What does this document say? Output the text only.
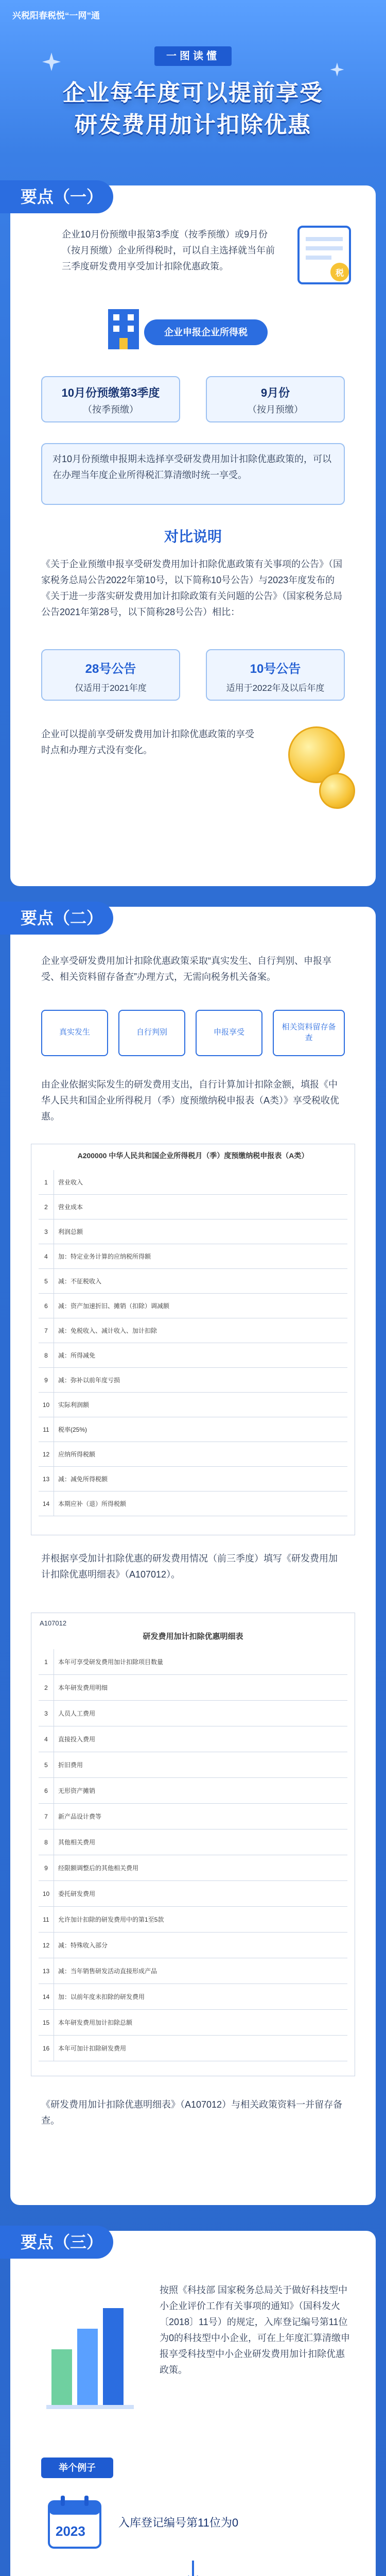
兴税阳春税悦“一网”通
一图读懂
企业每年度可以提前享受
研发费用加计扣除优惠
要点（一）
企业10月份预缴申报第3季度（按季预缴）或9月份（按月预缴）企业所得税时，可以自主选择就当年前三季度研发费用享受加计扣除优惠政策。
税
企业申报企业所得税
10月份预缴第3季度
（按季预缴）
9月份
（按月预缴）
对10月份预缴申报期未选择享受研发费用加计扣除优惠政策的，可以在办理当年度企业所得税汇算清缴时统一享受。
对比说明
《关于企业预缴申报享受研发费用加计扣除优惠政策有关事项的公告》（国家税务总局公告2022年第10号，以下简称10号公告）与2023年度发布的《关于进一步落实研发费用加计扣除政策有关问题的公告》（国家税务总局公告2021年第28号，以下简称28号公告）相比：
28号公告
仅适用于2021年度
10号公告
适用于2022年及以后年度
企业可以提前享受研发费用加计扣除优惠政策的享受时点和办理方式没有变化。
要点（二）
企业享受研发费用加计扣除优惠政策采取“真实发生、自行判别、申报享受、相关资料留存备查”办理方式，无需向税务机关备案。
真实发生	自行判别	申报享受
相关资料留存备查
由企业依据实际发生的研发费用支出，自行计算加计扣除金额，填报《中华人民共和国企业所得税月（季）度预缴纳税申报表（A类）》享受税收优惠。
A200000 中华人民共和国企业所得税月（季）度预缴纳税申报表（A类）
1 营业收入
2 营业成本
3 利润总额
4 加：特定业务计算的应纳税所得额
5 减：不征税收入
6 减：资产加速折旧、摊销（扣除）调减额
7 减：免税收入、减计收入、加计扣除
8 减：所得减免
9 减：弥补以前年度亏损
10 实际利润额
11 税率(25%)
12 应纳所得税额
13 减：减免所得税额
14 本期应补（退）所得税额
并根据享受加计扣除优惠的研发费用情况（前三季度）填写《研发费用加计扣除优惠明细表》（A107012）。
A107012
研发费用加计扣除优惠明细表
1 本年可享受研发费用加计扣除项目数量
2 本年研发费用明细
3 人员人工费用
4 直接投入费用
5 折旧费用
6 无形资产摊销
7 新产品设计费等
8 其他相关费用
9 经限额调整后的其他相关费用
10 委托研发费用
11 允许加计扣除的研发费用中的第1至5款
12 减：特殊收入部分
13 减：当年销售研发活动直接形成产品
14 加：以前年度未扣除的研发费用
15 本年研发费用加计扣除总额
16 本年可加计扣除研发费用
《研发费用加计扣除优惠明细表》（A107012）与相关政策资料一并留存备查。
要点（三）
按照《科技部 国家税务总局关于做好科技型中小企业评价工作有关事项的通知》（国科发火〔2018〕11号）的规定，入库登记编号第11位为0的科技型中小企业，可在上年度汇算清缴申报享受科技型中小企业研发费用加计扣除优惠政策。
举个例子
2023
入库登记编号第11位为0
